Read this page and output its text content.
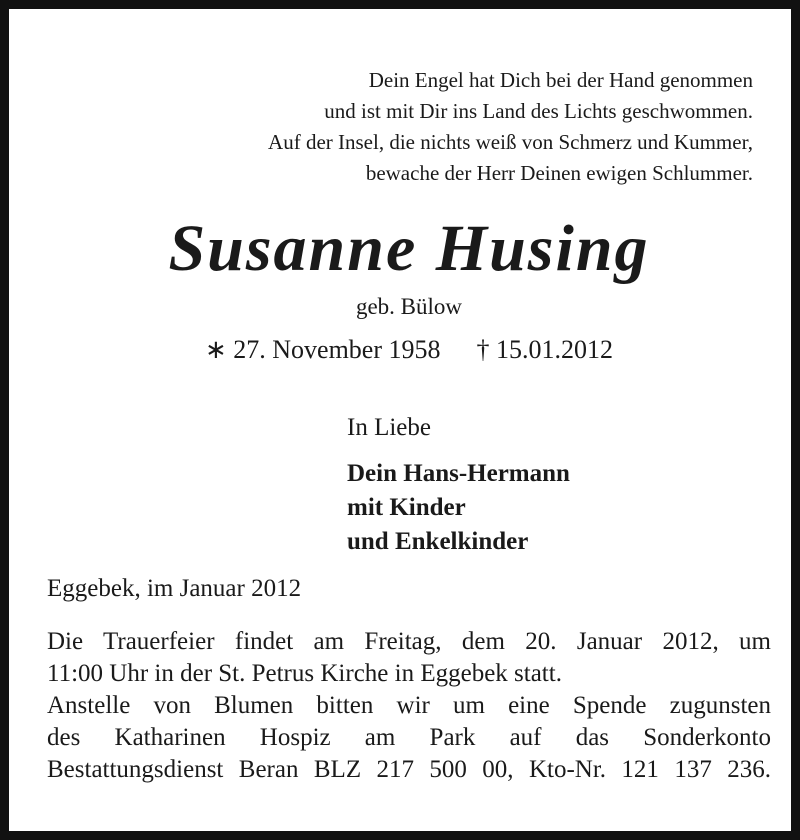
Dein Engel hat Dich bei der Hand genommen
und ist mit Dir ins Land des Lichts geschwommen.
Auf der Insel, die nichts weiß von Schmerz und Kummer,
bewache der Herr Deinen ewigen Schlummer.
Susanne Husing
geb. Bülow
∗ 27. November 1958 † 15.01.2012
In Liebe
Dein Hans-Hermann
mit Kinder
und Enkelkinder
Eggebek, im Januar 2012
Die Trauerfeier findet am Freitag, dem 20. Januar 2012, um
11:00 Uhr in der St. Petrus Kirche in Eggebek statt.
Anstelle von Blumen bitten wir um eine Spende zugunsten
des Katharinen Hospiz am Park auf das Sonderkonto
Bestattungsdienst Beran BLZ 217 500 00, Kto-Nr. 121 137 236.
